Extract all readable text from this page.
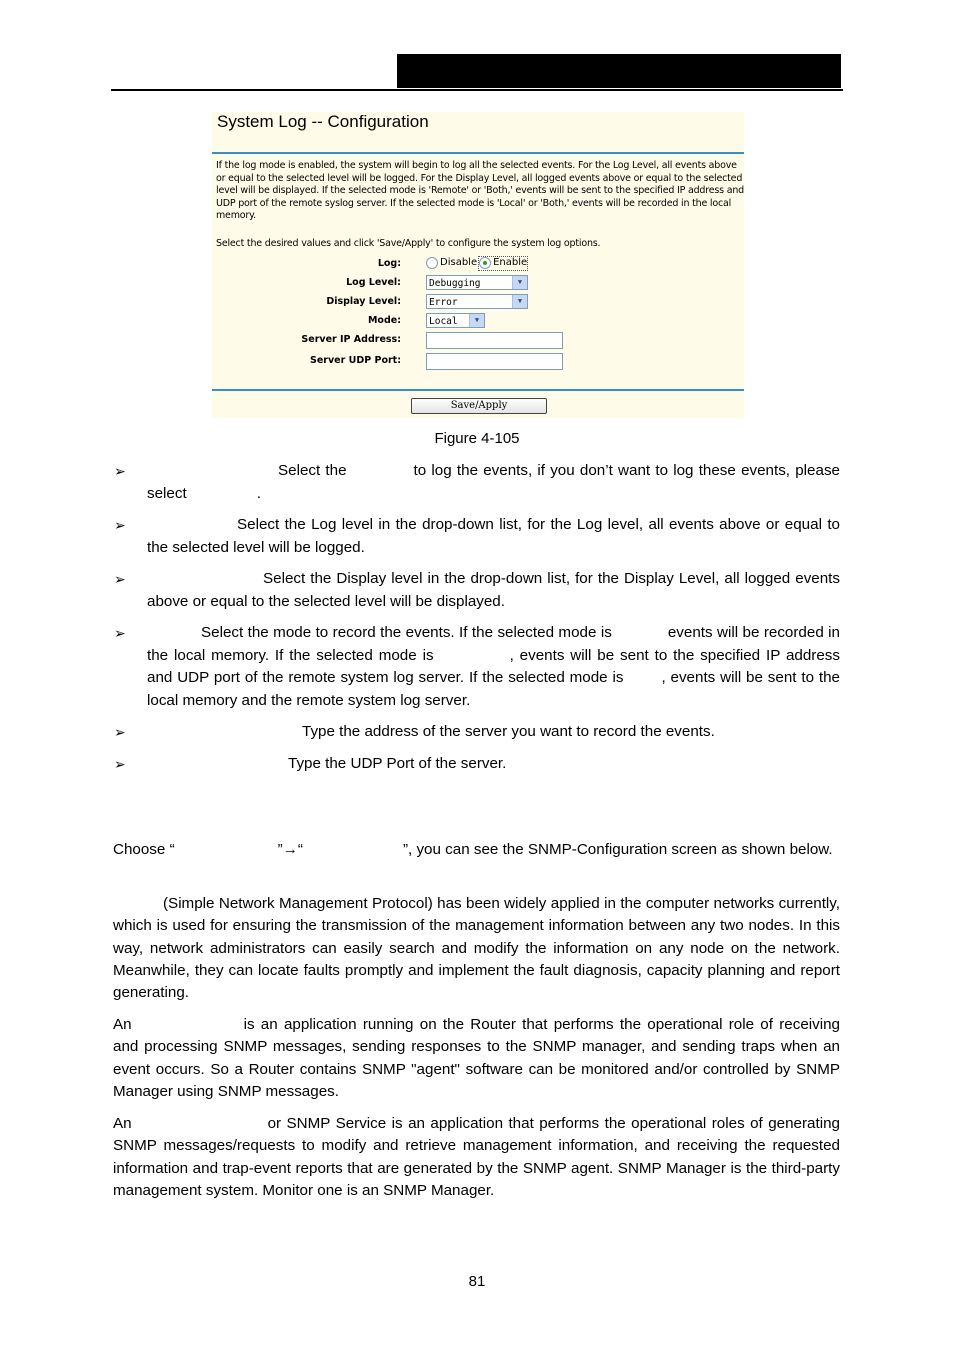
System Log -- Configuration
If the log mode is enabled, the system will begin to log all the selected events. For the Log Level, all events above or equal to the selected level will be logged. For the Display Level, all logged events above or equal to the selected level will be displayed. If the selected mode is 'Remote' or 'Both,' events will be sent to the specified IP address and UDP port of the remote syslog server. If the selected mode is 'Local' or 'Both,' events will be recorded in the local memory.
Select the desired values and click 'Save/Apply' to configure the system log options.
Log:	Disable Enable
Log Level:	Debugging	▼
Display Level:	Error	▼
Mode:	Local	▼
Server IP Address:
Server UDP Port:
Save/Apply
Figure 4-105
➢	Select the	to log the events, if you don’t want to log these events, please select	.
➢	Select the Log level in the drop-down list, for the Log level, all events above or equal to the selected level will be logged.
➢	Select the Display level in the drop-down list, for the Display Level, all logged events above or equal to the selected level will be displayed.
➢	Select the mode to record the events. If the selected mode is	events will be recorded in the local memory. If the selected mode is	, events will be sent to the specified IP address and UDP port of the remote system log server. If the selected mode is	, events will be sent to the local memory and the remote system log server.
➢	Type the address of the server you want to record the events.
➢	Type the UDP Port of the server.
Choose “	”→“	”, you can see the SNMP-Configuration screen as shown below.
(Simple Network Management Protocol) has been widely applied in the computer networks currently, which is used for ensuring the transmission of the management information between any two nodes. In this way, network administrators can easily search and modify the information on any node on the network. Meanwhile, they can locate faults promptly and implement the fault diagnosis, capacity planning and report generating.
An	is an application running on the Router that performs the operational role of receiving and processing SNMP messages, sending responses to the SNMP manager, and sending traps when an event occurs. So a Router contains SNMP "agent" software can be monitored and/or controlled by SNMP Manager using SNMP messages.
An	or SNMP Service is an application that performs the operational roles of generating SNMP messages/requests to modify and retrieve management information, and receiving the requested information and trap-event reports that are generated by the SNMP agent. SNMP Manager is the third-party management system. Monitor one is an SNMP Manager.
81
